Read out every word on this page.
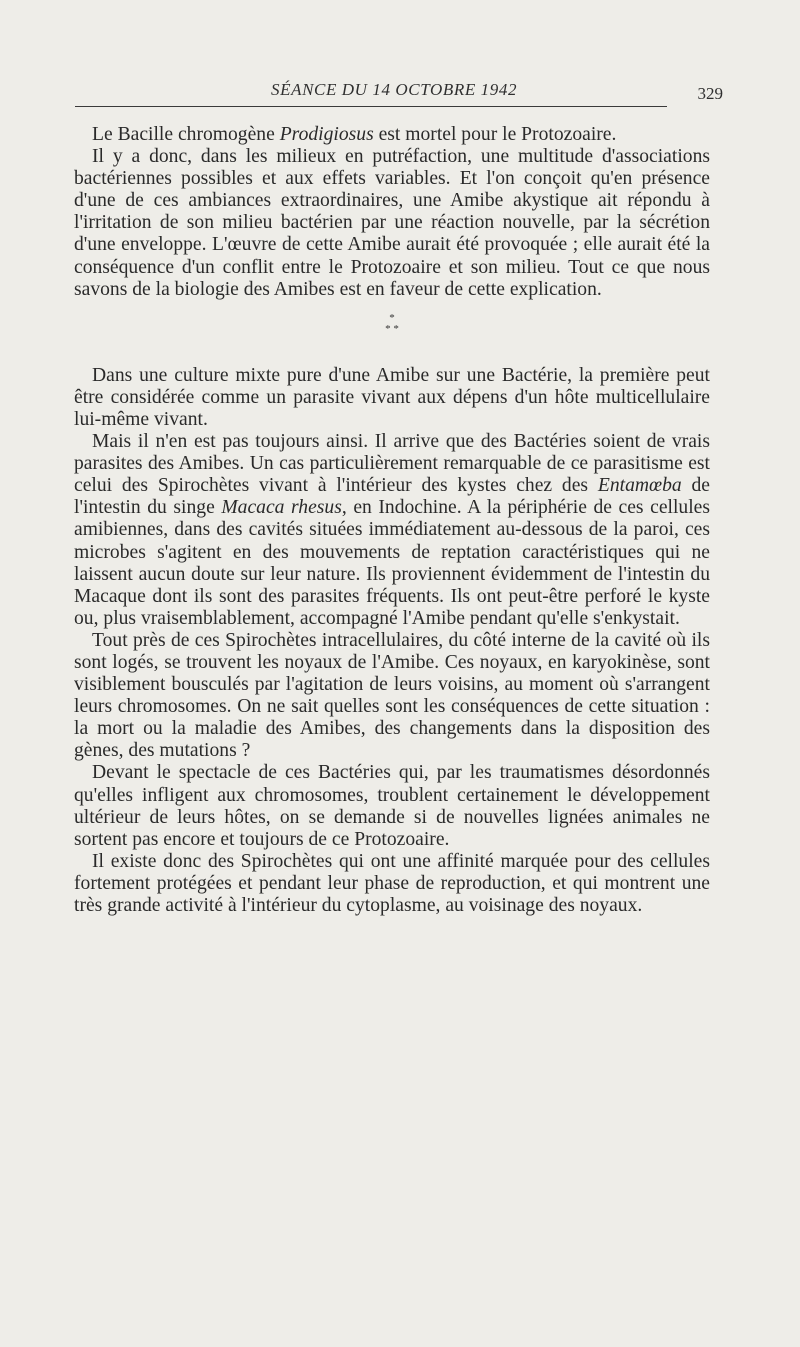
SÉANCE DU 14 OCTOBRE 1942	329

Le Bacille chromogène Prodigiosus est mortel pour le Protozoaire.

Il y a donc, dans les milieux en putréfaction, une multitude d'associations bactériennes possibles et aux effets variables. Et l'on conçoit qu'en présence d'une de ces ambiances extraordinaires, une Amibe akystique ait répondu à l'irritation de son milieu bactérien par une réaction nouvelle, par la sécrétion d'une enveloppe. L'œuvre de cette Amibe aurait été provoquée ; elle aurait été la conséquence d'un conflit entre le Protozoaire et son milieu. Tout ce que nous savons de la biologie des Amibes est en faveur de cette explication.

*
* *

Dans une culture mixte pure d'une Amibe sur une Bactérie, la première peut être considérée comme un parasite vivant aux dépens d'un hôte multicellulaire lui-même vivant.

Mais il n'en est pas toujours ainsi. Il arrive que des Bactéries soient de vrais parasites des Amibes. Un cas particulièrement remarquable de ce parasitisme est celui des Spirochètes vivant à l'intérieur des kystes chez des Entamœba de l'intestin du singe Macaca rhesus, en Indochine. A la périphérie de ces cellules amibiennes, dans des cavités situées immédiatement au-dessous de la paroi, ces microbes s'agitent en des mouvements de reptation caractéristiques qui ne laissent aucun doute sur leur nature. Ils proviennent évidemment de l'intestin du Macaque dont ils sont des parasites fréquents. Ils ont peut-être perforé le kyste ou, plus vraisemblablement, accompagné l'Amibe pendant qu'elle s'enkystait.

Tout près de ces Spirochètes intracellulaires, du côté interne de la cavité où ils sont logés, se trouvent les noyaux de l'Amibe. Ces noyaux, en karyokinèse, sont visiblement bousculés par l'agitation de leurs voisins, au moment où s'arrangent leurs chromosomes. On ne sait quelles sont les conséquences de cette situation : la mort ou la maladie des Amibes, des changements dans la disposition des gènes, des mutations ?

Devant le spectacle de ces Bactéries qui, par les traumatismes désordonnés qu'elles infligent aux chromosomes, troublent certainement le développement ultérieur de leurs hôtes, on se demande si de nouvelles lignées animales ne sortent pas encore et toujours de ce Protozoaire.

Il existe donc des Spirochètes qui ont une affinité marquée pour des cellules fortement protégées et pendant leur phase de reproduction, et qui montrent une très grande activité à l'intérieur du cytoplasme, au voisinage des noyaux.
